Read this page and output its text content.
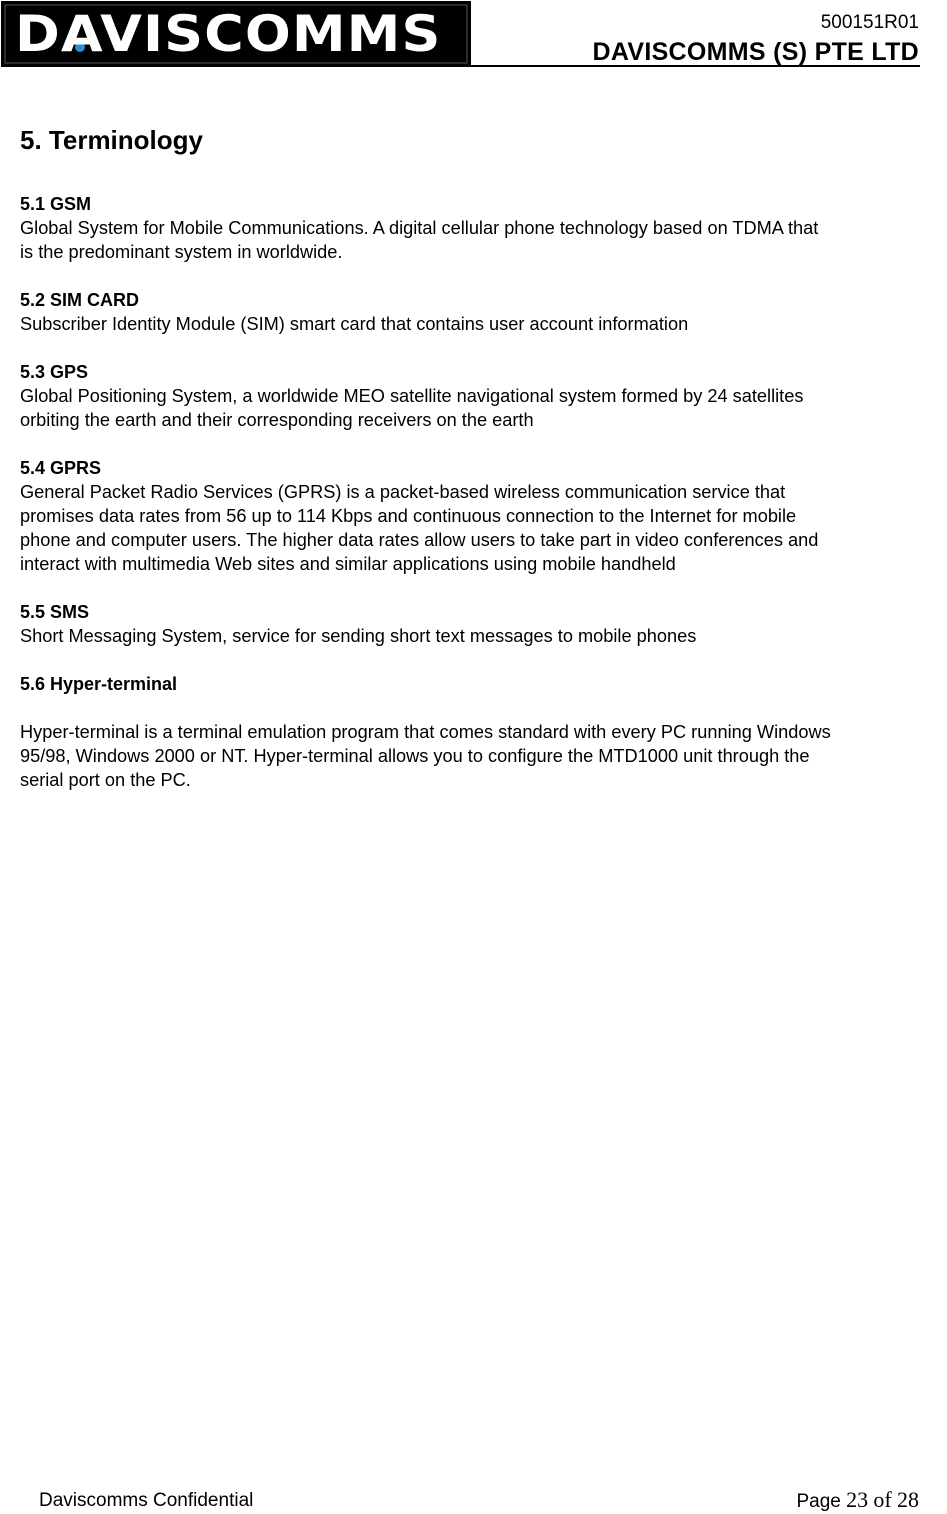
DAVISCOMMS	500151R01
DAVISCOMMS (S) PTE LTD
5. Terminology

5.1 GSM

Global System for Mobile Communications. A digital cellular phone technology based on TDMA that
is the predominant system in worldwide.

5.2 SIM CARD

Subscriber Identity Module (SIM) smart card that contains user account information

5.3 GPS

Global Positioning System, a worldwide MEO satellite navigational system formed by 24 satellites
orbiting the earth and their corresponding receivers on the earth

5.4 GPRS

General Packet Radio Services (GPRS) is a packet-based wireless communication service that
promises data rates from 56 up to 114 Kbps and continuous connection to the Internet for mobile
phone and computer users. The higher data rates allow users to take part in video conferences and
interact with multimedia Web sites and similar applications using mobile handheld

5.5 SMS

Short Messaging System, service for sending short text messages to mobile phones

5.6 Hyper-terminal

Hyper-terminal is a terminal emulation program that comes standard with every PC running Windows
95/98, Windows 2000 or NT. Hyper-terminal allows you to configure the MTD1000 unit through the
serial port on the PC.

Daviscomms Confidential	Page 23 of 28
